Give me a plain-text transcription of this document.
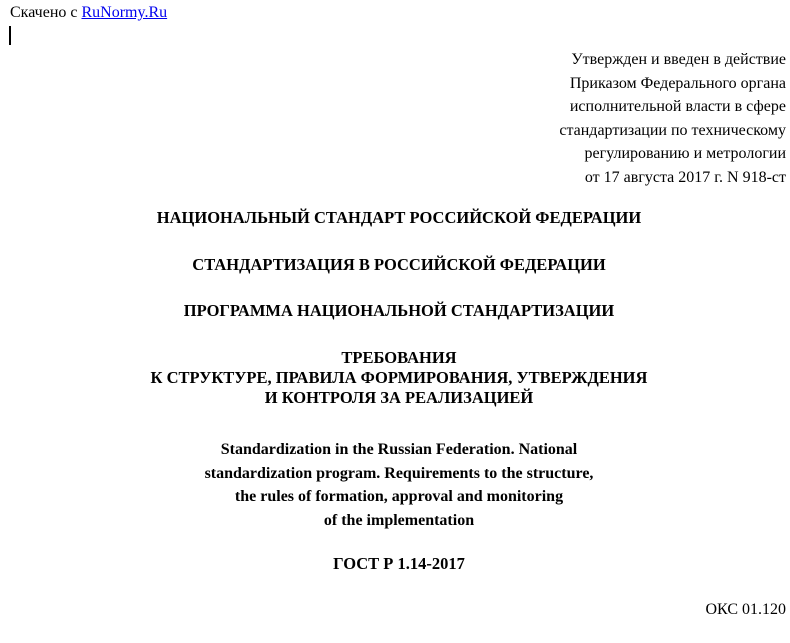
Скачено с RuNormy.Ru
Утвержден и введен в действие
Приказом Федерального органа
исполнительной власти в сфере
стандартизации по техническому
регулированию и метрологии
от 17 августа 2017 г. N 918-ст
НАЦИОНАЛЬНЫЙ СТАНДАРТ РОССИЙСКОЙ ФЕДЕРАЦИИ
СТАНДАРТИЗАЦИЯ В РОССИЙСКОЙ ФЕДЕРАЦИИ
ПРОГРАММА НАЦИОНАЛЬНОЙ СТАНДАРТИЗАЦИИ
ТРЕБОВАНИЯ
К СТРУКТУРЕ, ПРАВИЛА ФОРМИРОВАНИЯ, УТВЕРЖДЕНИЯ
И КОНТРОЛЯ ЗА РЕАЛИЗАЦИЕЙ
Standardization in the Russian Federation. National
standardization program. Requirements to the structure,
the rules of formation, approval and monitoring
of the implementation
ГОСТ Р 1.14-2017
ОКС 01.120
